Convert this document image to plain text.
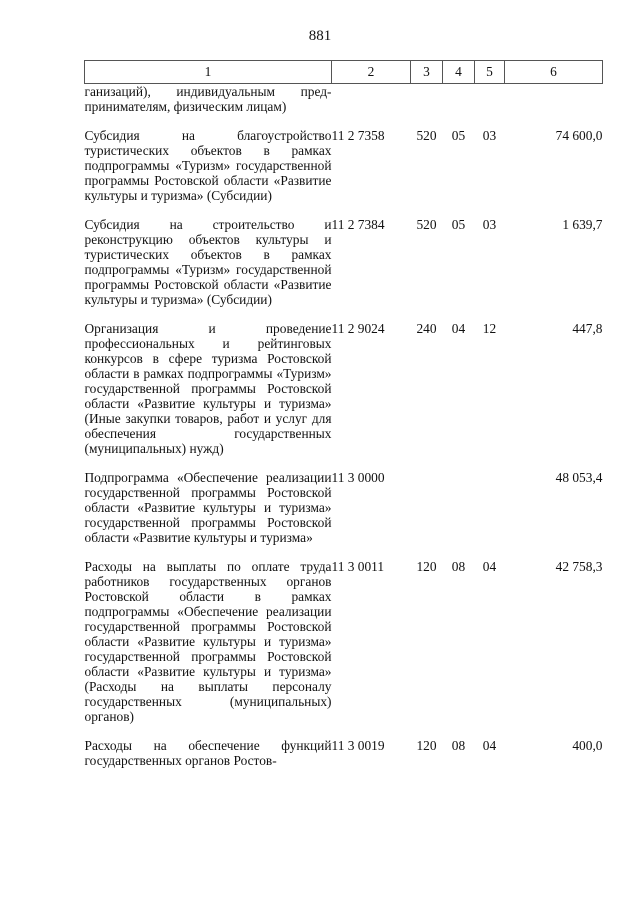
881
1	2	3	4	5	6
ганизаций), индивидуальным пред-принимателям, физическим лицам)					

Субсидия на благоустройство туристических объектов в рамках подпрограммы «Туризм» государственной программы Ростовской области «Развитие культуры и туризма» (Субсидии)	11 2 7358	520	05	03	74 600,0

Субсидия на строительство и реконструкцию объектов культуры и туристических объектов в рамках подпрограммы «Туризм» государственной программы Ростовской области «Развитие культуры и туризма» (Субсидии)	11 2 7384	520	05	03	1 639,7

Организация и проведение профессиональных и рейтинговых конкурсов в сфере туризма Ростовской области в рамках подпрограммы «Туризм» государственной программы Ростовской области «Развитие культуры и туризма» (Иные закупки товаров, работ и услуг для обеспечения государственных (муниципальных) нужд)	11 2 9024	240	04	12	447,8

Подпрограмма «Обеспечение реализации государственной программы Ростовской области «Развитие культуры и туризма» государственной программы Ростовской области «Развитие культуры и туризма»	11 3 0000				48 053,4

Расходы на выплаты по оплате труда работников государственных органов Ростовской области в рамках подпрограммы «Обеспечение реализации государственной программы Ростовской области «Развитие культуры и туризма» государственной программы Ростовской области «Развитие культуры и туризма» (Расходы на выплаты персоналу государственных (муниципальных) органов)	11 3 0011	120	08	04	42 758,3

Расходы на обеспечение функций государственных органов Ростов-	11 3 0019	120	08	04	400,0
